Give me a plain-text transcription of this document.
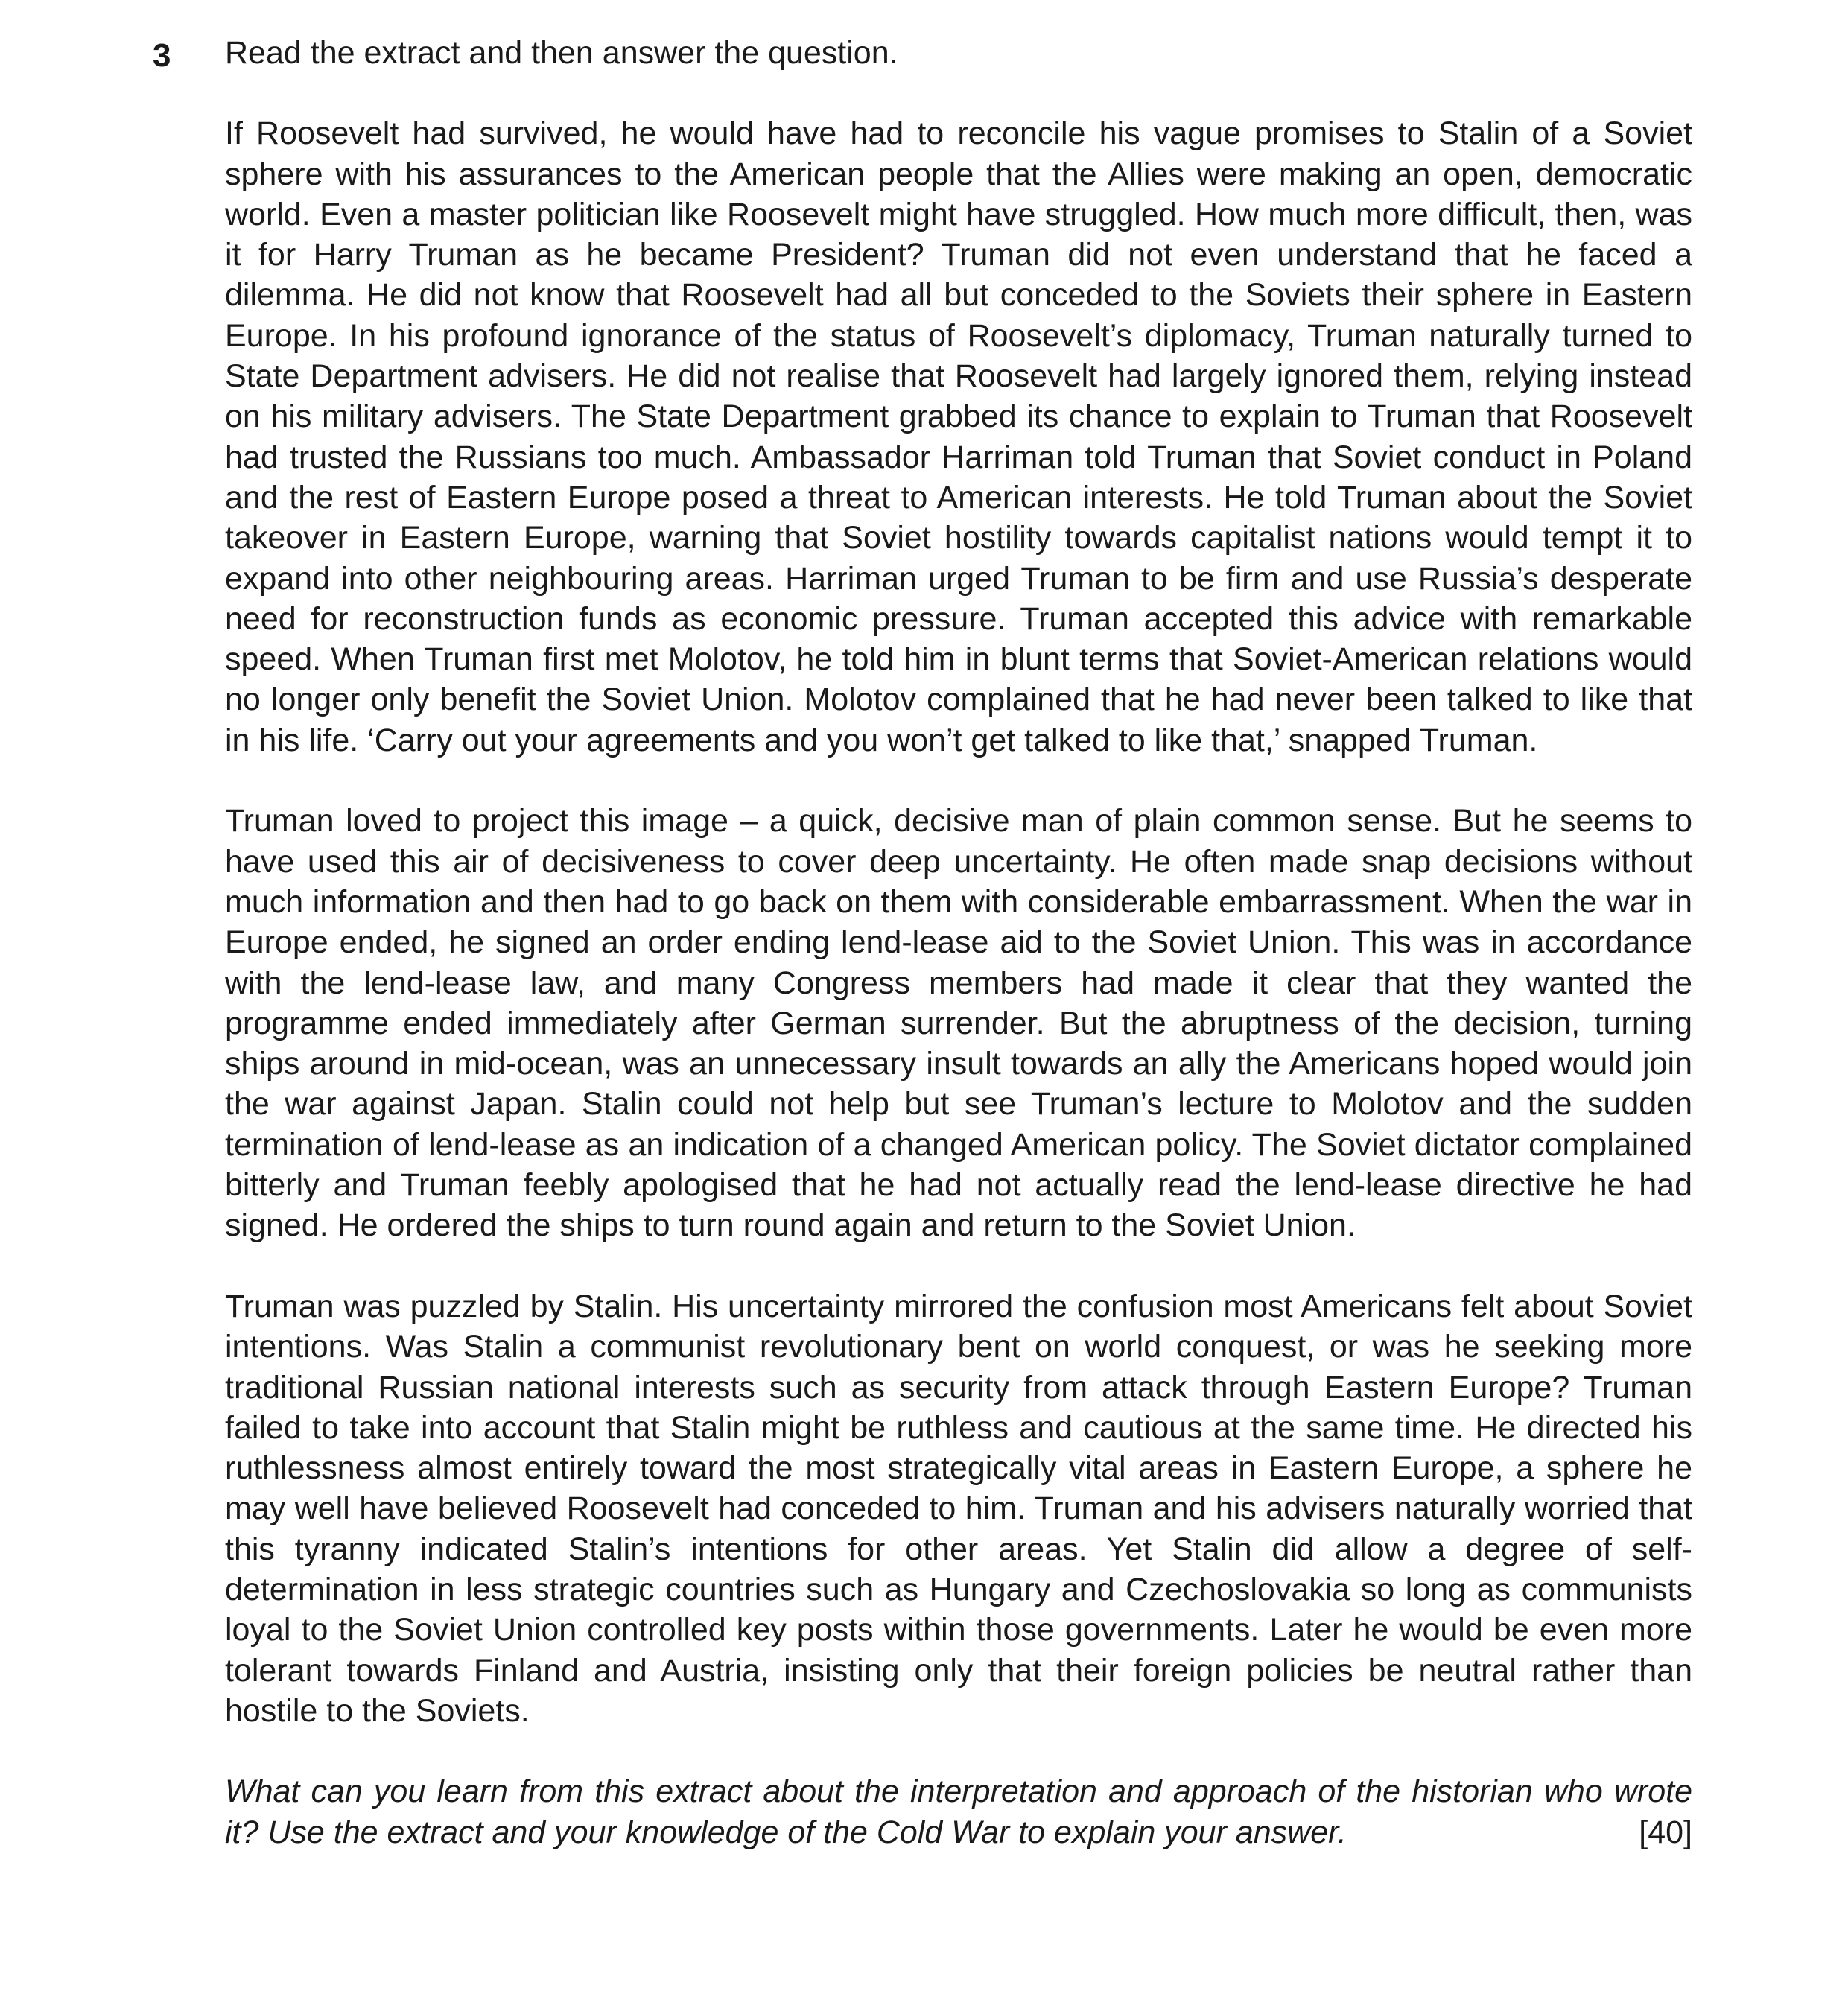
3 Read the extract and then answer the question.

If Roosevelt had survived, he would have had to reconcile his vague promises to Stalin of a Soviet sphere with his assurances to the American people that the Allies were making an open, democratic world. Even a master politician like Roosevelt might have struggled. How much more difficult, then, was it for Harry Truman as he became President? Truman did not even understand that he faced a dilemma. He did not know that Roosevelt had all but conceded to the Soviets their sphere in Eastern Europe. In his profound ignorance of the status of Roosevelt’s diplomacy, Truman naturally turned to State Department advisers. He did not realise that Roosevelt had largely ignored them, relying instead on his military advisers. The State Department grabbed its chance to explain to Truman that Roosevelt had trusted the Russians too much. Ambassador Harriman told Truman that Soviet conduct in Poland and the rest of Eastern Europe posed a threat to American interests. He told Truman about the Soviet takeover in Eastern Europe, warning that Soviet hostility towards capitalist nations would tempt it to expand into other neighbouring areas. Harriman urged Truman to be firm and use Russia’s desperate need for reconstruction funds as economic pressure. Truman accepted this advice with remarkable speed. When Truman first met Molotov, he told him in blunt terms that Soviet-American relations would no longer only benefit the Soviet Union. Molotov complained that he had never been talked to like that in his life. ‘Carry out your agreements and you won’t get talked to like that,’ snapped Truman.

Truman loved to project this image – a quick, decisive man of plain common sense. But he seems to have used this air of decisiveness to cover deep uncertainty. He often made snap decisions without much information and then had to go back on them with considerable embarrassment. When the war in Europe ended, he signed an order ending lend-lease aid to the Soviet Union. This was in accordance with the lend-lease law, and many Congress members had made it clear that they wanted the programme ended immediately after German surrender. But the abruptness of the decision, turning ships around in mid-ocean, was an unnecessary insult towards an ally the Americans hoped would join the war against Japan. Stalin could not help but see Truman’s lecture to Molotov and the sudden termination of lend-lease as an indication of a changed American policy. The Soviet dictator complained bitterly and Truman feebly apologised that he had not actually read the lend-lease directive he had signed. He ordered the ships to turn round again and return to the Soviet Union.

Truman was puzzled by Stalin. His uncertainty mirrored the confusion most Americans felt about Soviet intentions. Was Stalin a communist revolutionary bent on world conquest, or was he seeking more traditional Russian national interests such as security from attack through Eastern Europe? Truman failed to take into account that Stalin might be ruthless and cautious at the same time. He directed his ruthlessness almost entirely toward the most strategically vital areas in Eastern Europe, a sphere he may well have believed Roosevelt had conceded to him. Truman and his advisers naturally worried that this tyranny indicated Stalin’s intentions for other areas. Yet Stalin did allow a degree of self-determination in less strategic countries such as Hungary and Czechoslovakia so long as communists loyal to the Soviet Union controlled key posts within those governments. Later he would be even more tolerant towards Finland and Austria, insisting only that their foreign policies be neutral rather than hostile to the Soviets.

What can you learn from this extract about the interpretation and approach of the historian who wrote it? Use the extract and your knowledge of the Cold War to explain your answer.	[40]
